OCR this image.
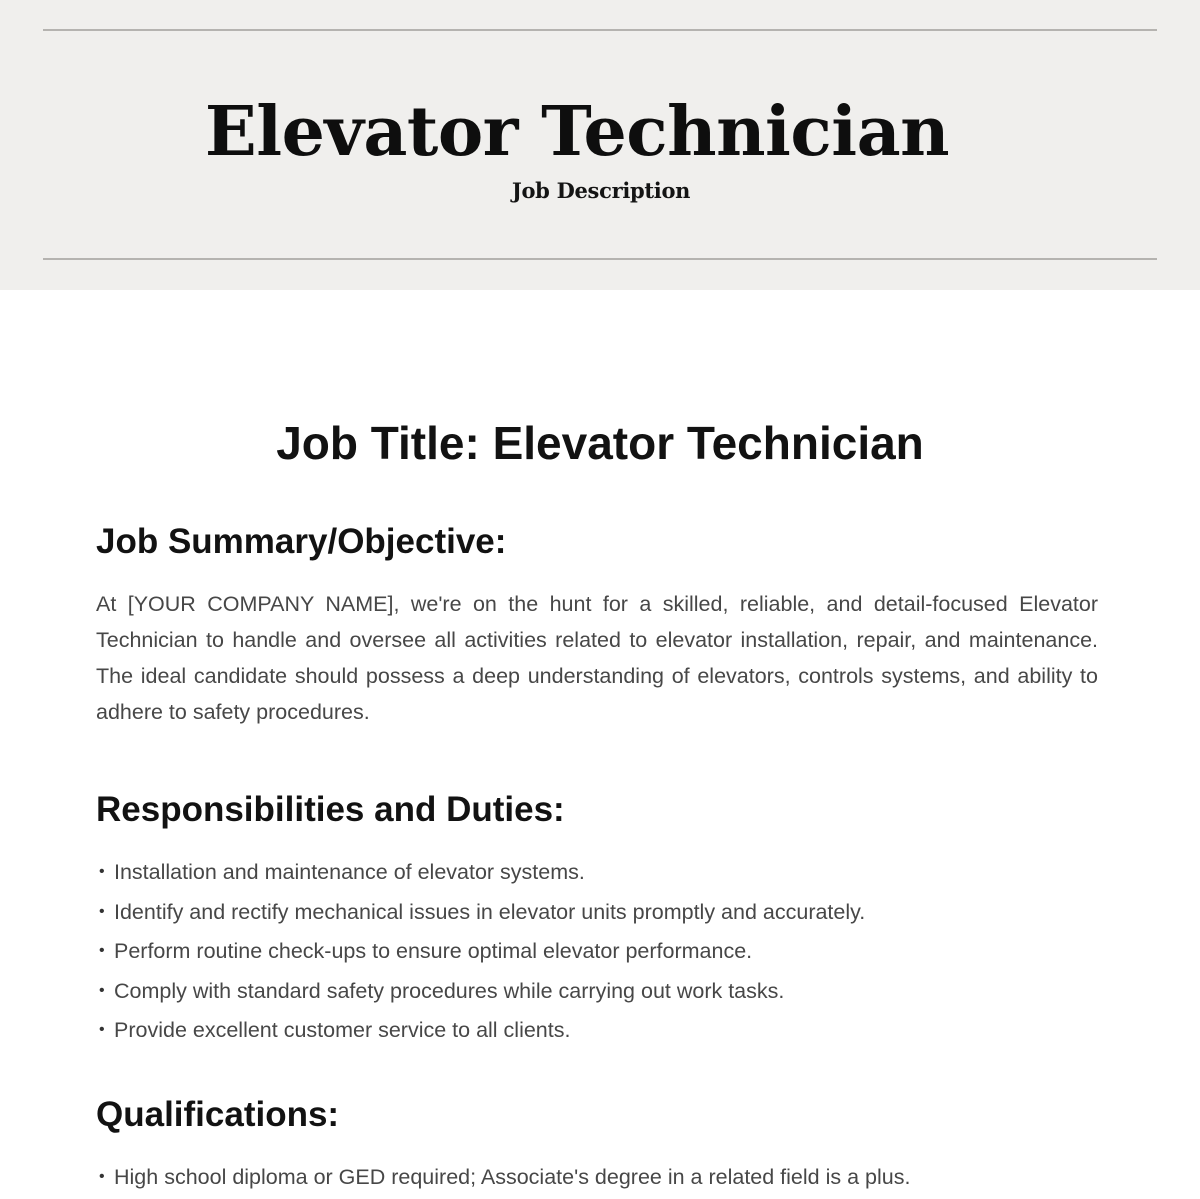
Elevator Technician
Job Description
Job Title: Elevator Technician
Job Summary/Objective:

At [YOUR COMPANY NAME], we're on the hunt for a skilled, reliable, and detail-focused Elevator Technician to handle and oversee all activities related to elevator installation, repair, and maintenance. The ideal candidate should possess a deep understanding of elevators, controls systems, and ability to adhere to safety procedures.

Responsibilities and Duties:
• Installation and maintenance of elevator systems.
• Identify and rectify mechanical issues in elevator units promptly and accurately.
• Perform routine check-ups to ensure optimal elevator performance.
• Comply with standard safety procedures while carrying out work tasks.
• Provide excellent customer service to all clients.
Qualifications:
• High school diploma or GED required; Associate's degree in a related field is a plus.
